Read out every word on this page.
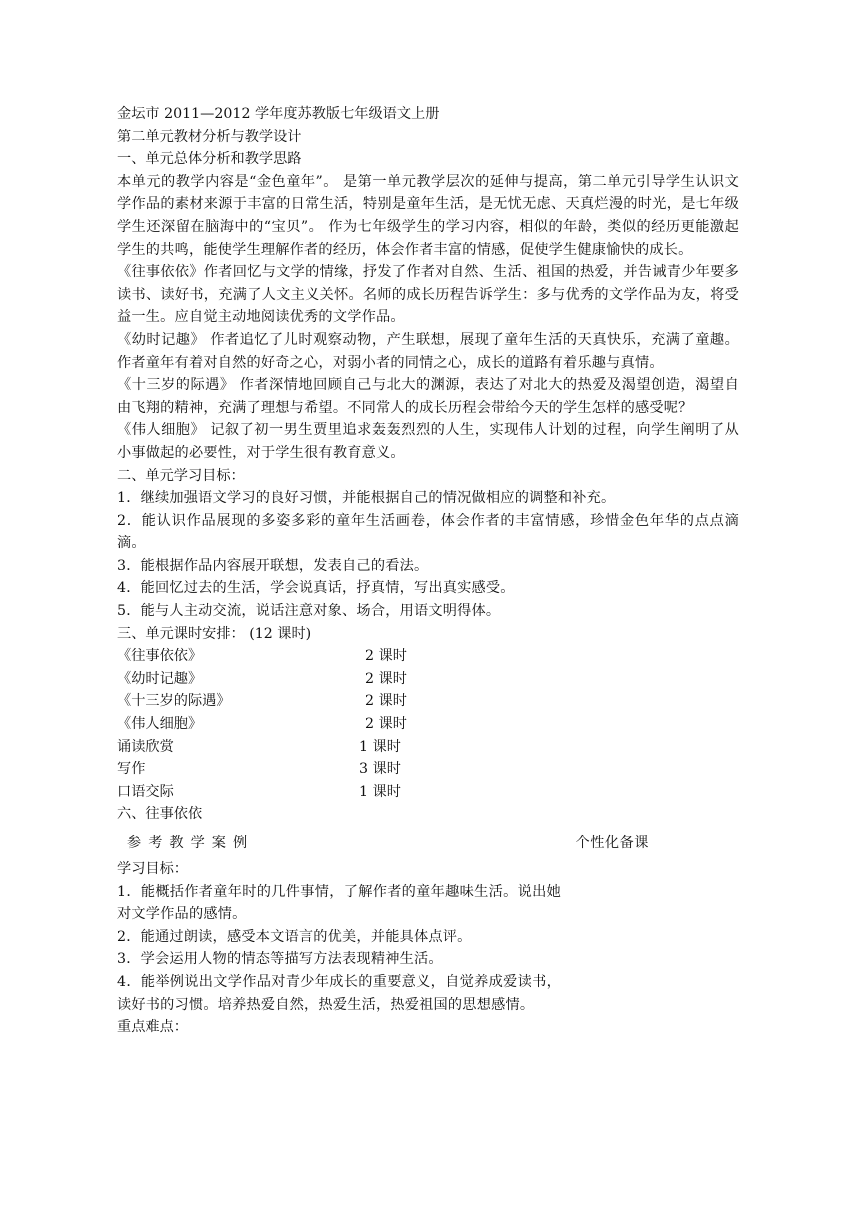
金坛市 2011—2012 学年度苏教版七年级语文上册
第二单元教材分析与教学设计
一、单元总体分析和教学思路
本单元的教学内容是“金色童年”。 是第一单元教学层次的延伸与提高，第二单元引导学生认识文学作品的素材来源于丰富的日常生活，特别是童年生活，是无忧无虑、天真烂漫的时光，是七年级学生还深留在脑海中的“宝贝”。 作为七年级学生的学习内容，相似的年龄，类似的经历更能激起学生的共鸣，能使学生理解作者的经历，体会作者丰富的情感，促使学生健康愉快的成长。
《往事依依》作者回忆与文学的情缘，抒发了作者对自然、生活、祖国的热爱，并告诫青少年要多读书、读好书，充满了人文主义关怀。名师的成长历程告诉学生：多与优秀的文学作品为友，将受益一生。应自觉主动地阅读优秀的文学作品。
《幼时记趣》 作者追忆了儿时观察动物，产生联想，展现了童年生活的天真快乐，充满了童趣。作者童年有着对自然的好奇之心，对弱小者的同情之心，成长的道路有着乐趣与真情。
《十三岁的际遇》 作者深情地回顾自己与北大的渊源，表达了对北大的热爱及渴望创造，渴望自由飞翔的精神，充满了理想与希望。不同常人的成长历程会带给今天的学生怎样的感受呢？
《伟人细胞》 记叙了初一男生贾里追求轰轰烈烈的人生，实现伟人计划的过程，向学生阐明了从小事做起的必要性，对于学生很有教育意义。
二、单元学习目标：
1．继续加强语文学习的良好习惯，并能根据自己的情况做相应的调整和补充。
2．能认识作品展现的多姿多彩的童年生活画卷，体会作者的丰富情感，珍惜金色年华的点点滴滴。
3．能根据作品内容展开联想，发表自己的看法。
4．能回忆过去的生活，学会说真话，抒真情，写出真实感受。
5．能与人主动交流，说话注意对象、场合，用语文明得体。
三、单元课时安排： (12 课时)
《往事依依》	2 课时
《幼时记趣》	2 课时
《十三岁的际遇》	2 课时
《伟人细胞》	2 课时
诵读欣赏	1 课时
写作	3 课时
口语交际	1 课时
六、往事依依
参考教学案例	个性化备课
学习目标：
1．能概括作者童年时的几件事情，了解作者的童年趣味生活。说出她对文学作品的感情。
2．能通过朗读，感受本文语言的优美，并能具体点评。
3．学会运用人物的情态等描写方法表现精神生活。
4．能举例说出文学作品对青少年成长的重要意义，自觉养成爱读书，读好书的习惯。培养热爱自然，热爱生活，热爱祖国的思想感情。
重点难点：
